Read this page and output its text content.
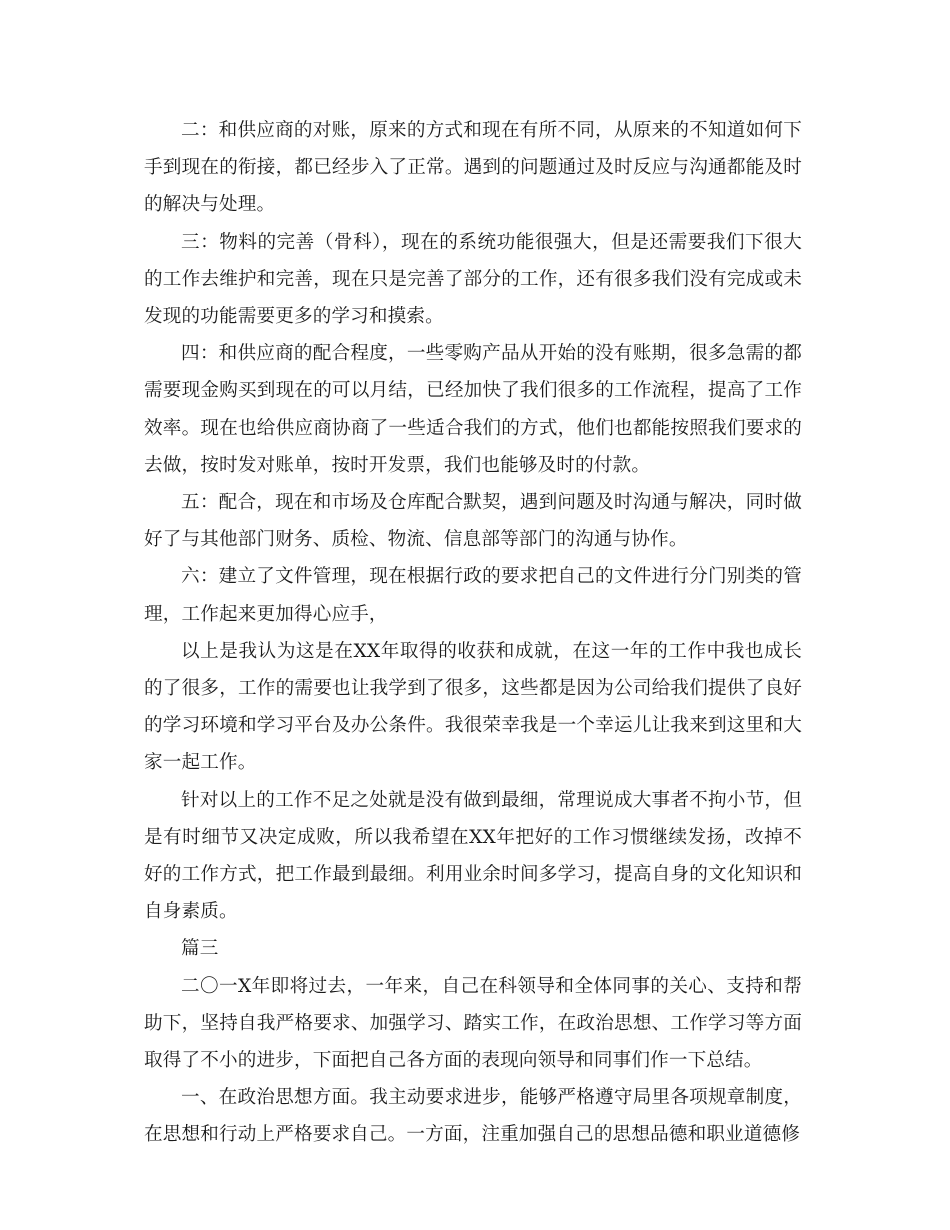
二：和供应商的对账，原来的方式和现在有所不同，从原来的不知道如何下手到现在的衔接，都已经步入了正常。遇到的问题通过及时反应与沟通都能及时的解决与处理。

三：物料的完善（骨科），现在的系统功能很强大，但是还需要我们下很大的工作去维护和完善，现在只是完善了部分的工作，还有很多我们没有完成或未发现的功能需要更多的学习和摸索。

四：和供应商的配合程度，一些零购产品从开始的没有账期，很多急需的都需要现金购买到现在的可以月结，已经加快了我们很多的工作流程，提高了工作效率。现在也给供应商协商了一些适合我们的方式，他们也都能按照我们要求的去做，按时发对账单，按时开发票，我们也能够及时的付款。

五：配合，现在和市场及仓库配合默契，遇到问题及时沟通与解决，同时做好了与其他部门财务、质检、物流、信息部等部门的沟通与协作。

六：建立了文件管理，现在根据行政的要求把自己的文件进行分门别类的管理，工作起来更加得心应手，

以上是我认为这是在XX年取得的收获和成就，在这一年的工作中我也成长的了很多，工作的需要也让我学到了很多，这些都是因为公司给我们提供了良好的学习环境和学习平台及办公条件。我很荣幸我是一个幸运儿让我来到这里和大家一起工作。

针对以上的工作不足之处就是没有做到最细，常理说成大事者不拘小节，但是有时细节又决定成败，所以我希望在XX年把好的工作习惯继续发扬，改掉不好的工作方式，把工作最到最细。利用业余时间多学习，提高自身的文化知识和自身素质。

篇三

二〇一X年即将过去，一年来，自己在科领导和全体同事的关心、支持和帮助下，坚持自我严格要求、加强学习、踏实工作，在政治思想、工作学习等方面取得了不小的进步，下面把自己各方面的表现向领导和同事们作一下总结。

一、在政治思想方面。我主动要求进步，能够严格遵守局里各项规章制度，在思想和行动上严格要求自己。一方面，注重加强自己的思想品德和职业道德修
